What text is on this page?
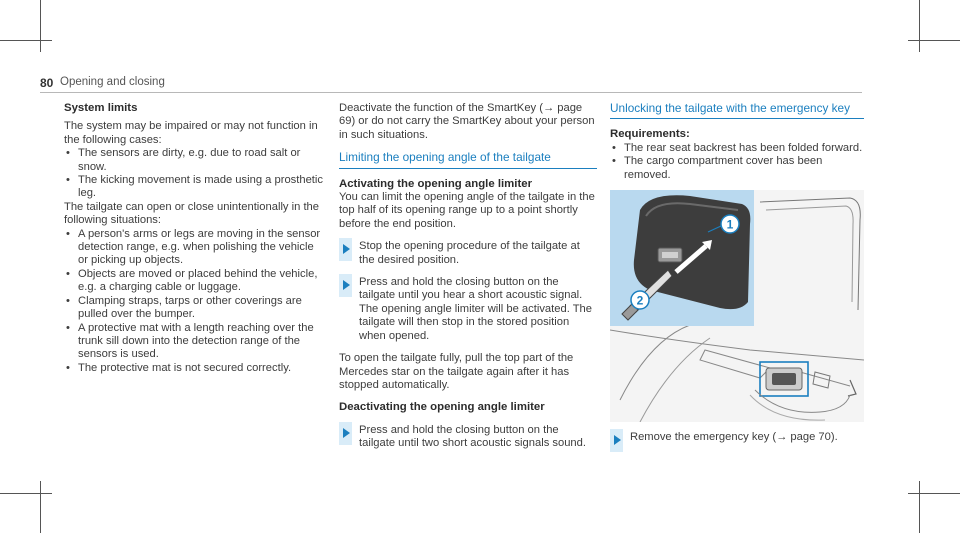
80 Opening and closing
System limits

The system may be impaired or may not function in the following cases:

• The sensors are dirty, e.g. due to road salt or snow.
• The kicking movement is made using a prosthetic leg.

The tailgate can open or close unintentionally in the following situations:

• A person's arms or legs are moving in the sensor detection range, e.g. when polishing the vehicle or picking up objects.
• Objects are moved or placed behind the vehicle, e.g. a charging cable or luggage.
• Clamping straps, tarps or other coverings are pulled over the bumper.
• A protective mat with a length reaching over the trunk sill down into the detection range of the sensors is used.
• The protective mat is not secured correctly.

Deactivate the function of the SmartKey (→ page 69) or do not carry the SmartKey about your person in such situations.

Limiting the opening angle of the tailgate
Activating the opening angle limiter

You can limit the opening angle of the tailgate in the top half of its opening range up to a point shortly before the end position.

Stop the opening procedure of the tailgate at the desired position.
Press and hold the closing button on the tailgate until you hear a short acoustic signal. The opening angle limiter will be activated. The tailgate will then stop in the stored position when opened.

To open the tailgate fully, pull the top part of the Mercedes star on the tailgate again after it has stopped automatically.

Deactivating the opening angle limiter
Press and hold the closing button on the tailgate until two short acoustic signals sound.
Unlocking the tailgate with the emergency key
Requirements:
• The rear seat backrest has been folded forward.
• The cargo compartment cover has been removed.
1
2
Remove the emergency key (→ page 70).
